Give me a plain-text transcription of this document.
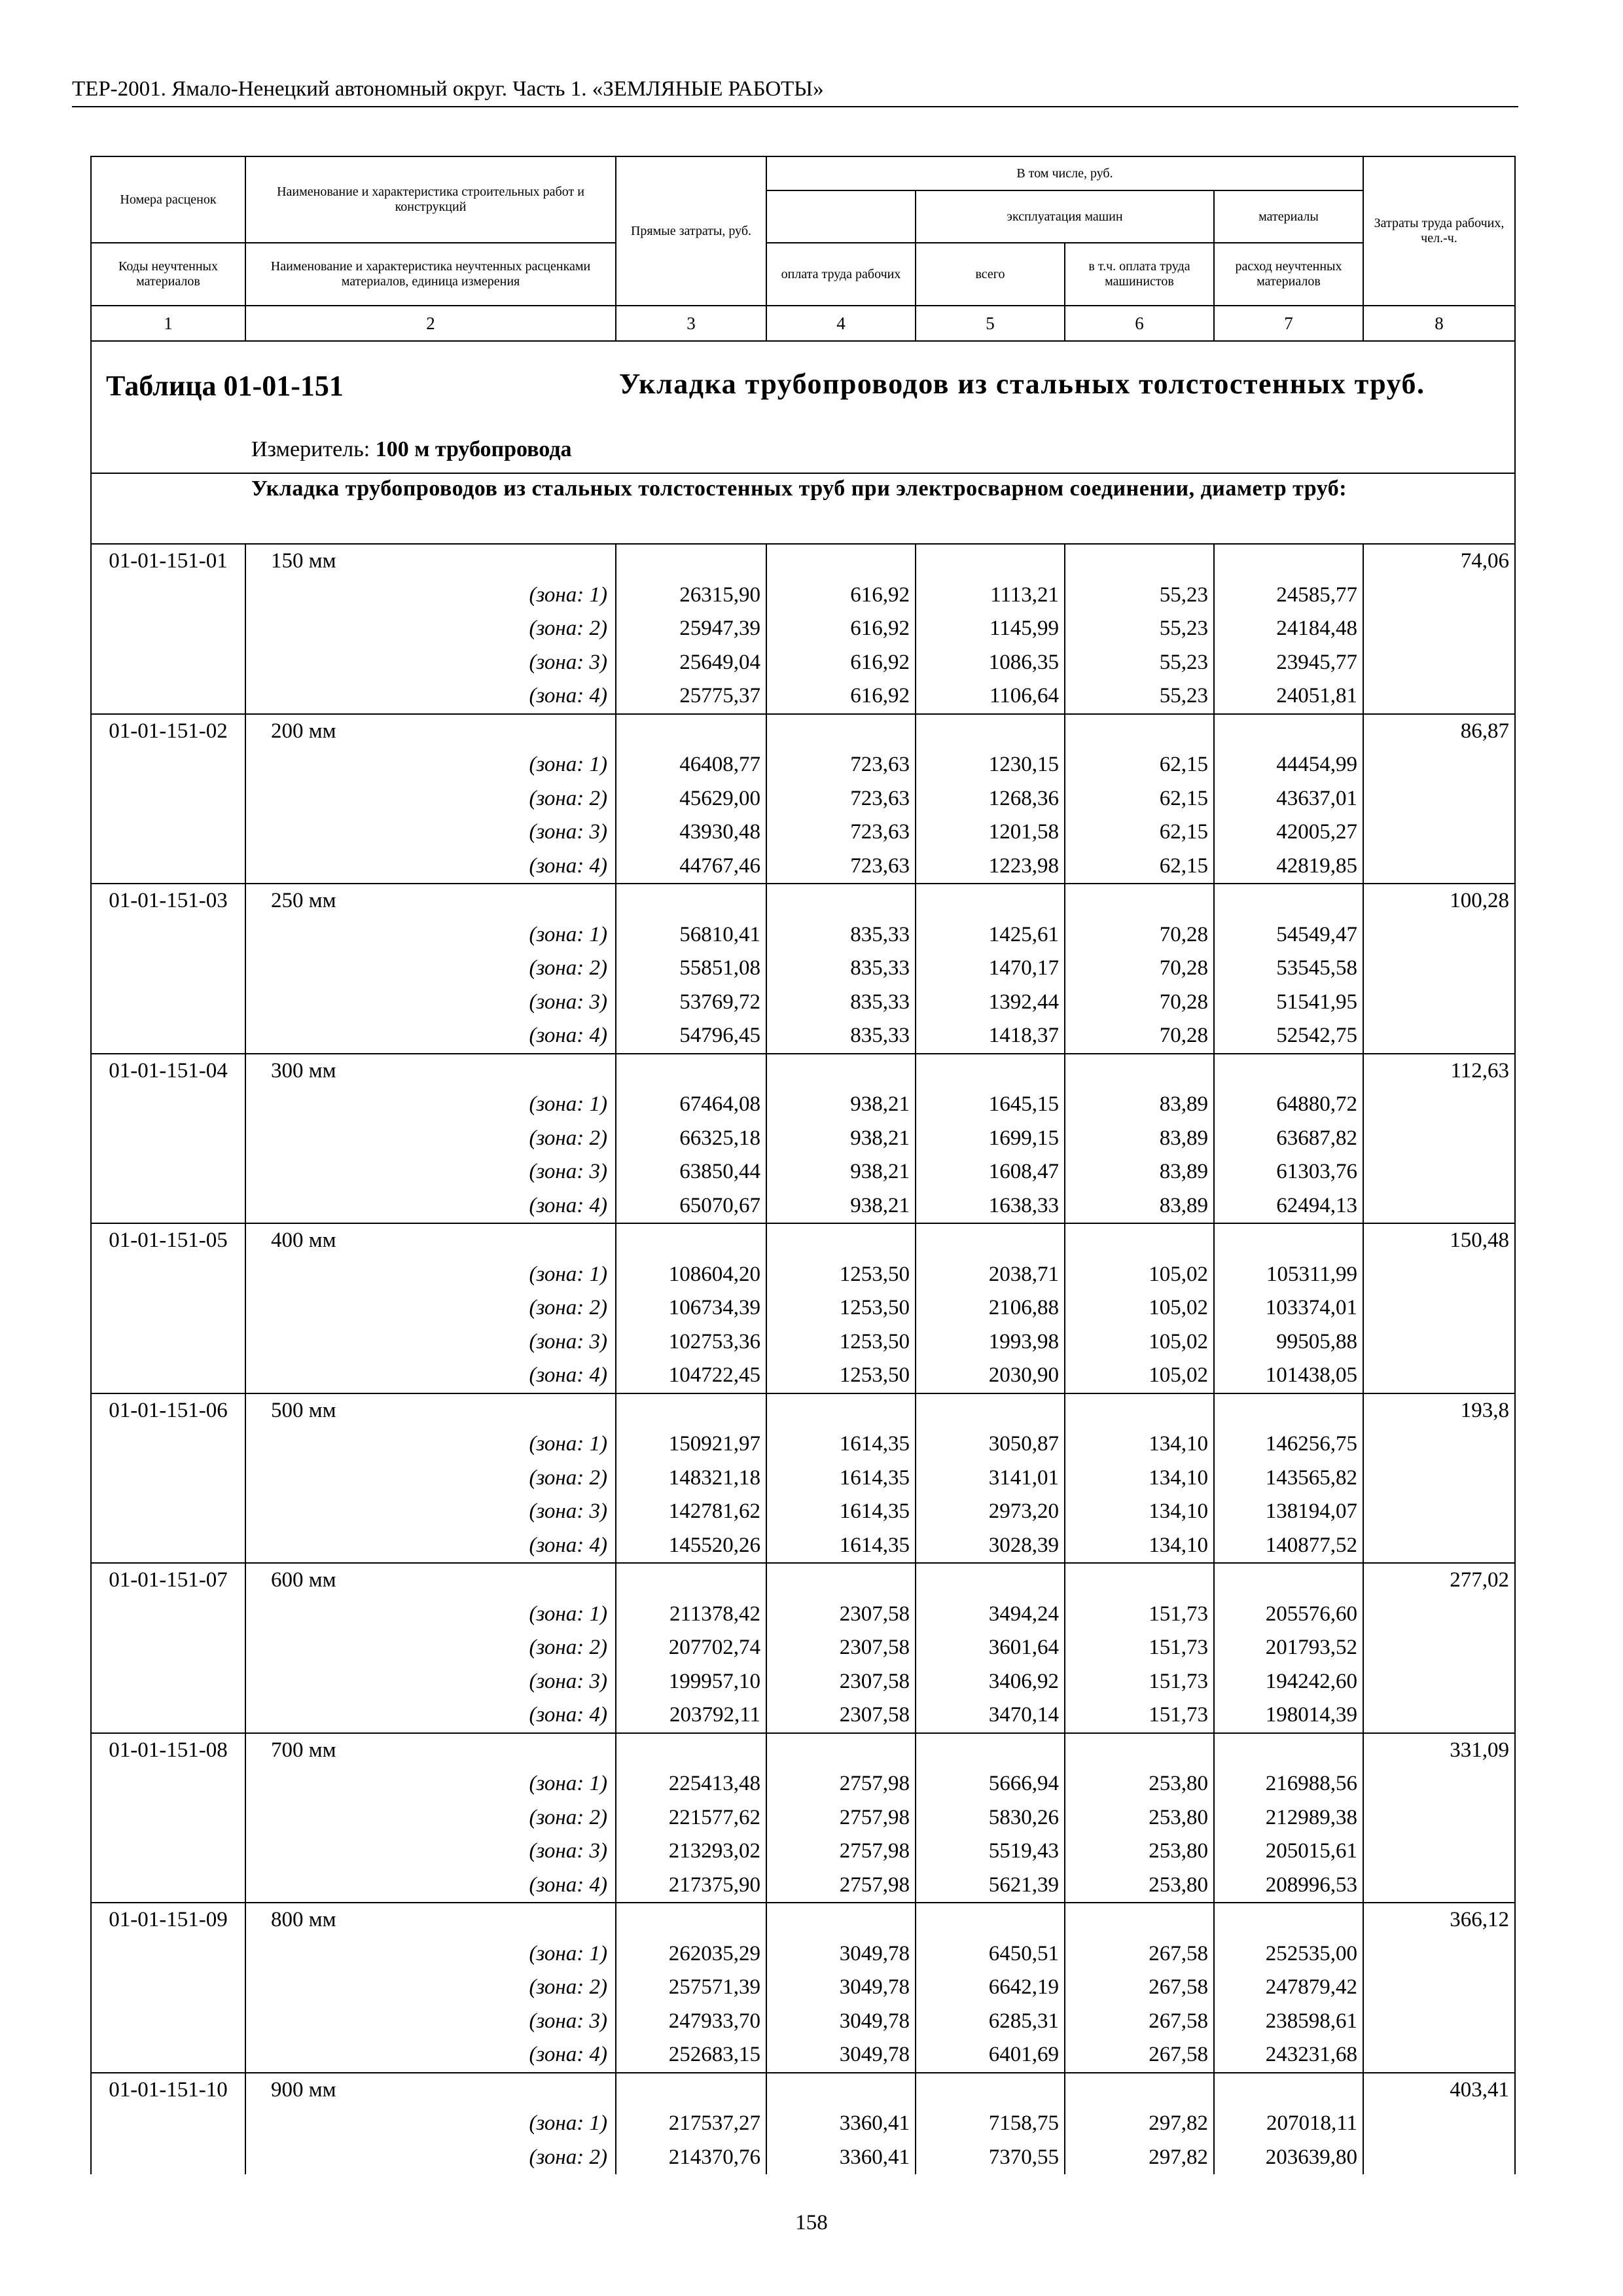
ТЕР-2001. Ямало-Ненецкий автономный округ. Часть 1. «ЗЕМЛЯНЫЕ РАБОТЫ»
Номера расценок	Наименование и характеристика строительных работ и конструкций	Прямые затраты, руб.	В том числе, руб.				Затраты труда рабочих, чел.-ч.
				эксплуатация машин		материалы	
Коды неучтенных материалов	Наименование и характеристика неучтенных расценками материалов, единица измерения		оплата труда рабочих	всего	в т.ч. оплата труда машинистов	расход неучтенных материалов	
1	2	3	4	5	6	7	8

Таблица 01-01-151 Укладка трубопроводов из стальных толстостенных труб.
Измеритель: 100 м трубопровода							

Укладка трубопроводов из стальных толстостенных труб при электросварном соединении, диаметр труб:							

01-01-151-01	150 мм						74,06
	(зона: 1)	26315,90	616,92	1113,21	55,23	24585,77	
	(зона: 2)	25947,39	616,92	1145,99	55,23	24184,48	
	(зона: 3)	25649,04	616,92	1086,35	55,23	23945,77	
	(зона: 4)	25775,37	616,92	1106,64	55,23	24051,81	
01-01-151-02	200 мм						86,87
	(зона: 1)	46408,77	723,63	1230,15	62,15	44454,99	
	(зона: 2)	45629,00	723,63	1268,36	62,15	43637,01	
	(зона: 3)	43930,48	723,63	1201,58	62,15	42005,27	
	(зона: 4)	44767,46	723,63	1223,98	62,15	42819,85	
01-01-151-03	250 мм						100,28
	(зона: 1)	56810,41	835,33	1425,61	70,28	54549,47	
	(зона: 2)	55851,08	835,33	1470,17	70,28	53545,58	
	(зона: 3)	53769,72	835,33	1392,44	70,28	51541,95	
	(зона: 4)	54796,45	835,33	1418,37	70,28	52542,75	
01-01-151-04	300 мм						112,63
	(зона: 1)	67464,08	938,21	1645,15	83,89	64880,72	
	(зона: 2)	66325,18	938,21	1699,15	83,89	63687,82	
	(зона: 3)	63850,44	938,21	1608,47	83,89	61303,76	
	(зона: 4)	65070,67	938,21	1638,33	83,89	62494,13	
01-01-151-05	400 мм						150,48
	(зона: 1)	108604,20	1253,50	2038,71	105,02	105311,99	
	(зона: 2)	106734,39	1253,50	2106,88	105,02	103374,01	
	(зона: 3)	102753,36	1253,50	1993,98	105,02	99505,88	
	(зона: 4)	104722,45	1253,50	2030,90	105,02	101438,05	
01-01-151-06	500 мм						193,8
	(зона: 1)	150921,97	1614,35	3050,87	134,10	146256,75	
	(зона: 2)	148321,18	1614,35	3141,01	134,10	143565,82	
	(зона: 3)	142781,62	1614,35	2973,20	134,10	138194,07	
	(зона: 4)	145520,26	1614,35	3028,39	134,10	140877,52	
01-01-151-07	600 мм						277,02
	(зона: 1)	211378,42	2307,58	3494,24	151,73	205576,60	
	(зона: 2)	207702,74	2307,58	3601,64	151,73	201793,52	
	(зона: 3)	199957,10	2307,58	3406,92	151,73	194242,60	
	(зона: 4)	203792,11	2307,58	3470,14	151,73	198014,39	
01-01-151-08	700 мм						331,09
	(зона: 1)	225413,48	2757,98	5666,94	253,80	216988,56	
	(зона: 2)	221577,62	2757,98	5830,26	253,80	212989,38	
	(зона: 3)	213293,02	2757,98	5519,43	253,80	205015,61	
	(зона: 4)	217375,90	2757,98	5621,39	253,80	208996,53	
01-01-151-09	800 мм						366,12
	(зона: 1)	262035,29	3049,78	6450,51	267,58	252535,00	
	(зона: 2)	257571,39	3049,78	6642,19	267,58	247879,42	
	(зона: 3)	247933,70	3049,78	6285,31	267,58	238598,61	
	(зона: 4)	252683,15	3049,78	6401,69	267,58	243231,68	
01-01-151-10	900 мм						403,41
	(зона: 1)	217537,27	3360,41	7158,75	297,82	207018,11	
	(зона: 2)	214370,76	3360,41	7370,55	297,82	203639,80	
158
